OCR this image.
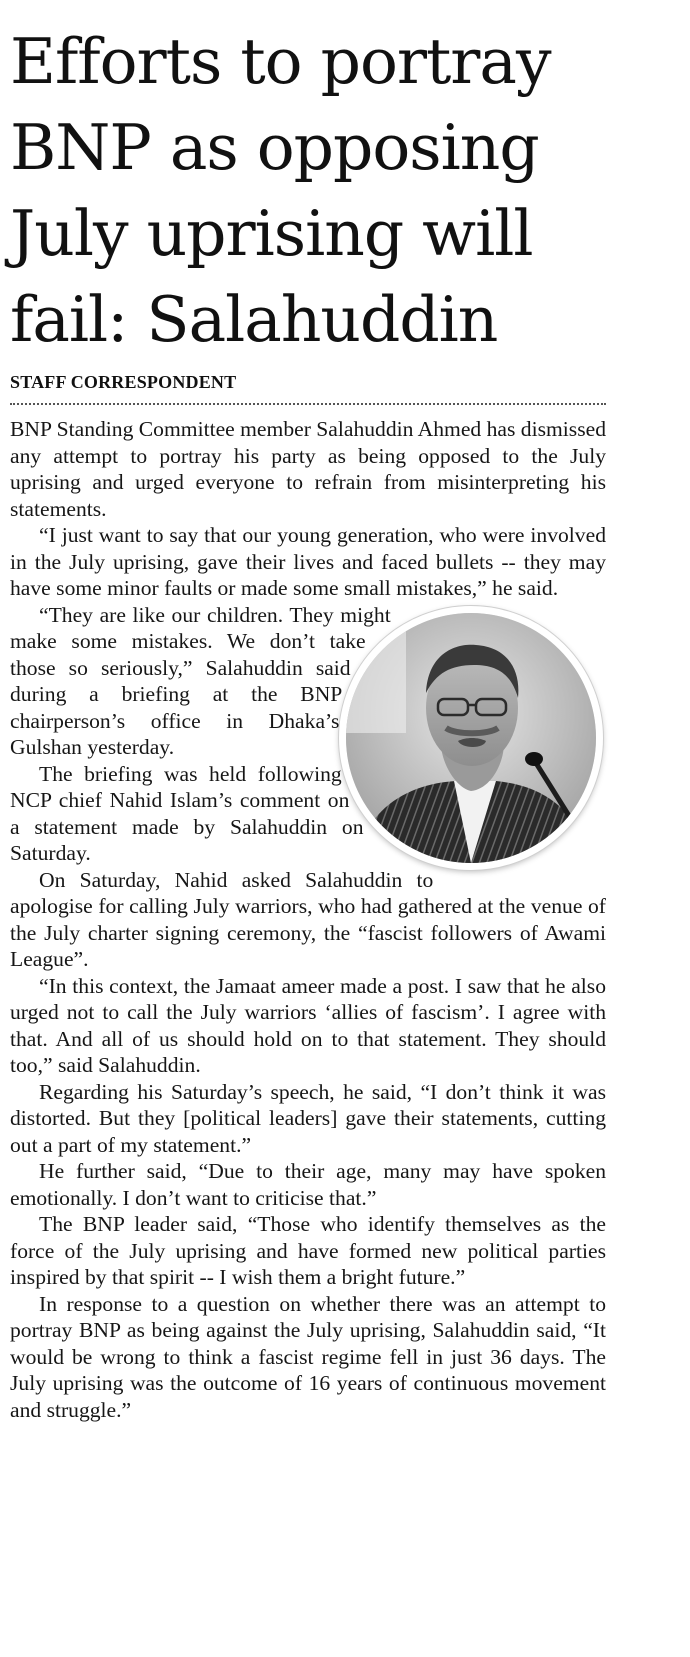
Efforts to portray
BNP as opposing
July uprising will
fail: Salahuddin
STAFF CORRESPONDENT

BNP Standing Committee member Salahuddin Ahmed has dismissed any attempt to portray his party as being opposed to the July uprising and urged everyone to refrain from misinterpreting his statements.

“I just want to say that our young generation, who were involved in the July uprising, gave their lives and faced bullets -- they may have some minor faults or made some small mistakes,” he said.

“They are like our children. They might make some mistakes. We don’t take those so seriously,” Salahuddin said during a briefing at the BNP chairperson’s office in Dhaka’s Gulshan yesterday.

The briefing was held following NCP chief Nahid Islam’s comment on a statement made by Salahuddin on Saturday.

On Saturday, Nahid asked Salahuddin to apologise for calling July warriors, who had gathered at the venue of the July charter signing ceremony, the “fascist followers of Awami League”.

“In this context, the Jamaat ameer made a post. I saw that he also urged not to call the July warriors ‘allies of fascism’. I agree with that. And all of us should hold on to that statement. They should too,” said Salahuddin.

Regarding his Saturday’s speech, he said, “I don’t think it was distorted. But they [political leaders] gave their statements, cutting out a part of my statement.”

He further said, “Due to their age, many may have spoken emotionally. I don’t want to criticise that.”

The BNP leader said, “Those who identify themselves as the force of the July uprising and have formed new political parties inspired by that spirit -- I wish them a bright future.”

In response to a question on whether there was an attempt to portray BNP as being against the July uprising, Salahuddin said, “It would be wrong to think a fascist regime fell in just 36 days. The July uprising was the outcome of 16 years of continuous movement and struggle.”
